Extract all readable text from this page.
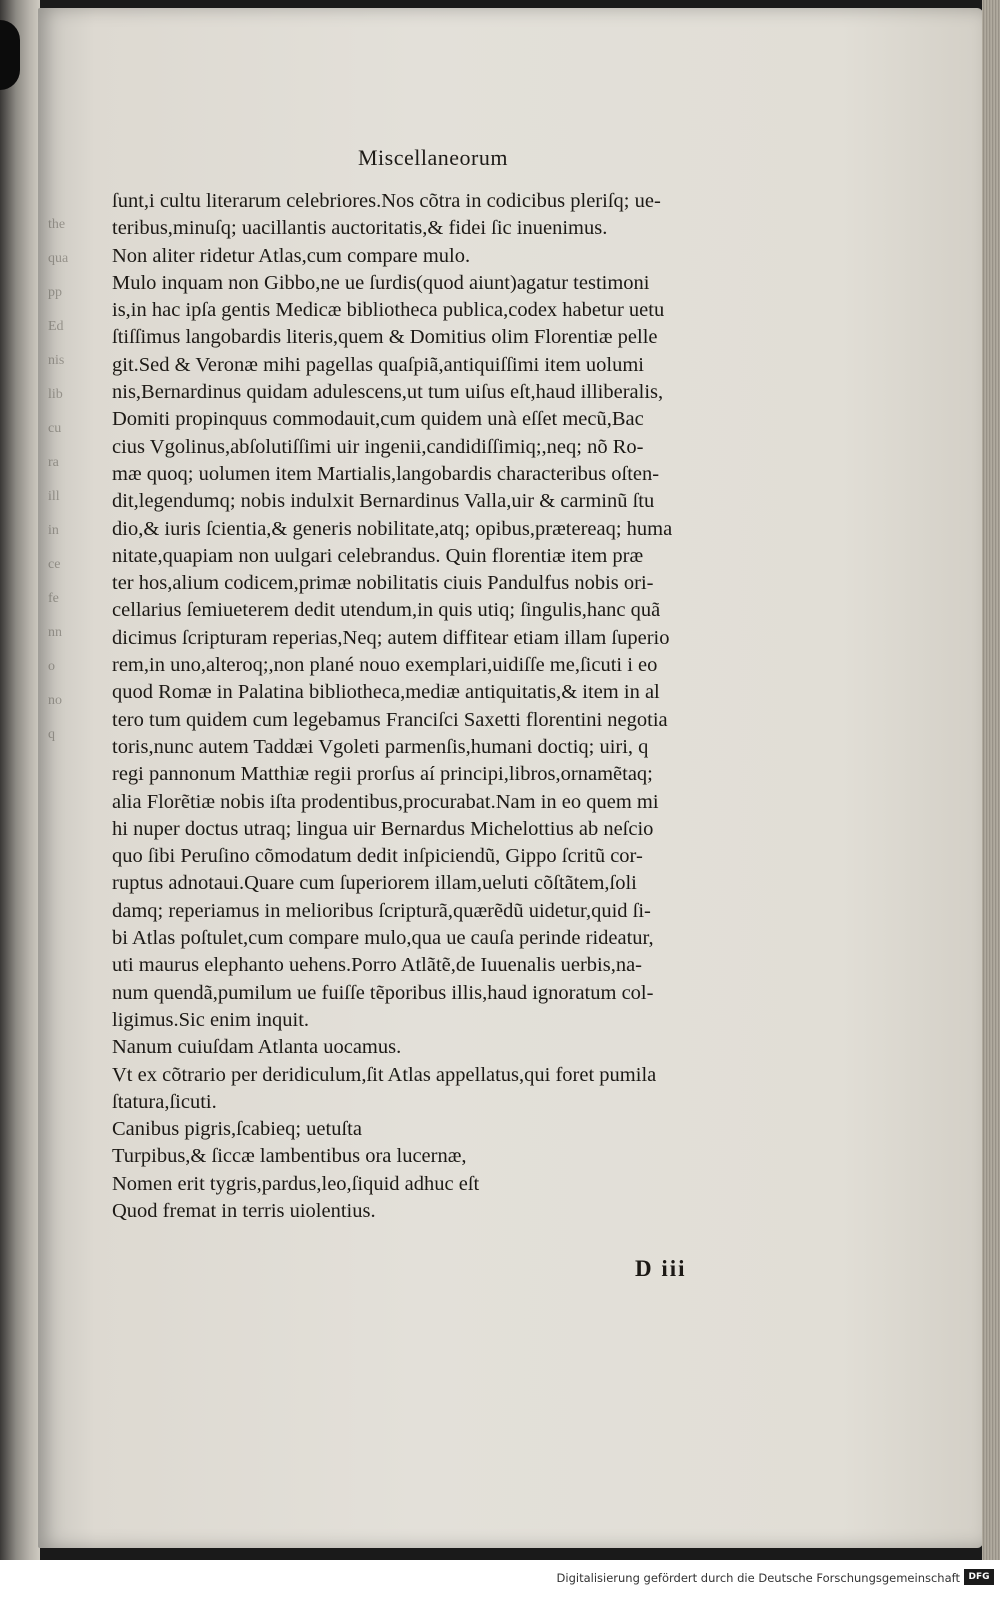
the
qua
pp
Ed
nis
lib
cu
ra
ill
in
ce
fe
nn
o
no
q
Miscellaneorum
ſunt,i cultu literarum celebriores.Nos cõtra in codicibus pleriſq; ue-
teribus,minuſq; uacillantis auctoritatis,& fidei ſic inuenimus.
Non aliter ridetur Atlas,cum compare mulo.
Mulo inquam non Gibbo,ne ue ſurdis(quod aiunt)agatur testimoni
is,in hac ipſa gentis Medicæ bibliotheca publica,codex habetur uetu
ſtiſſimus langobardis literis,quem & Domitius olim Florentiæ pelle
git.Sed & Veronæ mihi pagellas quaſpiã,antiquiſſimi item uolumi
nis,Bernardinus quidam adulescens,ut tum uiſus eſt,haud illiberalis,
Domiti propinquus commodauit,cum quidem unà eſſet mecũ,Bac
cius Vgolinus,abſolutiſſimi uir ingenii,candidiſſimiq;,neq; nõ Ro-
mæ quoq; uolumen item Martialis,langobardis characteribus oſten-
dit,legendumq; nobis indulxit Bernardinus Valla,uir & carminũ ſtu
dio,& iuris ſcientia,& generis nobilitate,atq; opibus,prætereaq; huma
nitate,quapiam non uulgari celebrandus. Quin florentiæ item præ
ter hos,alium codicem,primæ nobilitatis ciuis Pandulfus nobis ori-
cellarius ſemiueterem dedit utendum,in quis utiq; ſingulis,hanc quã
dicimus ſcripturam reperias,Neq; autem diffitear etiam illam ſuperio
rem,in uno,alteroq;,non plané nouo exemplari,uidiſſe me,ſicuti i eo
quod Romæ in Palatina bibliotheca,mediæ antiquitatis,& item in al
tero tum quidem cum legebamus Franciſci Saxetti florentini negotia
toris,nunc autem Taddæi Vgoleti parmenſis,humani doctiq; uiri, q
regi pannonum Matthiæ regii prorſus aí principi,libros,ornamẽtaq;
alia Florẽtiæ nobis iſta prodentibus,procurabat.Nam in eo quem mi
hi nuper doctus utraq; lingua uir Bernardus Michelottius ab neſcio
quo ſibi Peruſino cõmodatum dedit inſpiciendũ, Gippo ſcritũ cor-
ruptus adnotaui.Quare cum ſuperiorem illam,ueluti cõſtãtem,ſoli
damq; reperiamus in melioribus ſcripturã,quærẽdũ uidetur,quid ſi-
bi Atlas poſtulet,cum compare mulo,qua ue cauſa perinde rideatur,
uti maurus elephanto uehens.Porro Atlãtẽ,de Iuuenalis uerbis,na-
num quendã,pumilum ue fuiſſe tẽporibus illis,haud ignoratum col-
ligimus.Sic enim inquit.
Nanum cuiuſdam Atlanta uocamus.
Vt ex cõtrario per deridiculum,ſit Atlas appellatus,qui foret pumila
ſtatura,ſicuti.
Canibus pigris,ſcabieq; uetuſta
Turpibus,& ſiccæ lambentibus ora lucernæ,
Nomen erit tygris,pardus,leo,ſiquid adhuc eſt
Quod fremat in terris uiolentius.
D iii
Digitalisierung gefördert durch die Deutsche Forschungsgemeinschaft DFG
